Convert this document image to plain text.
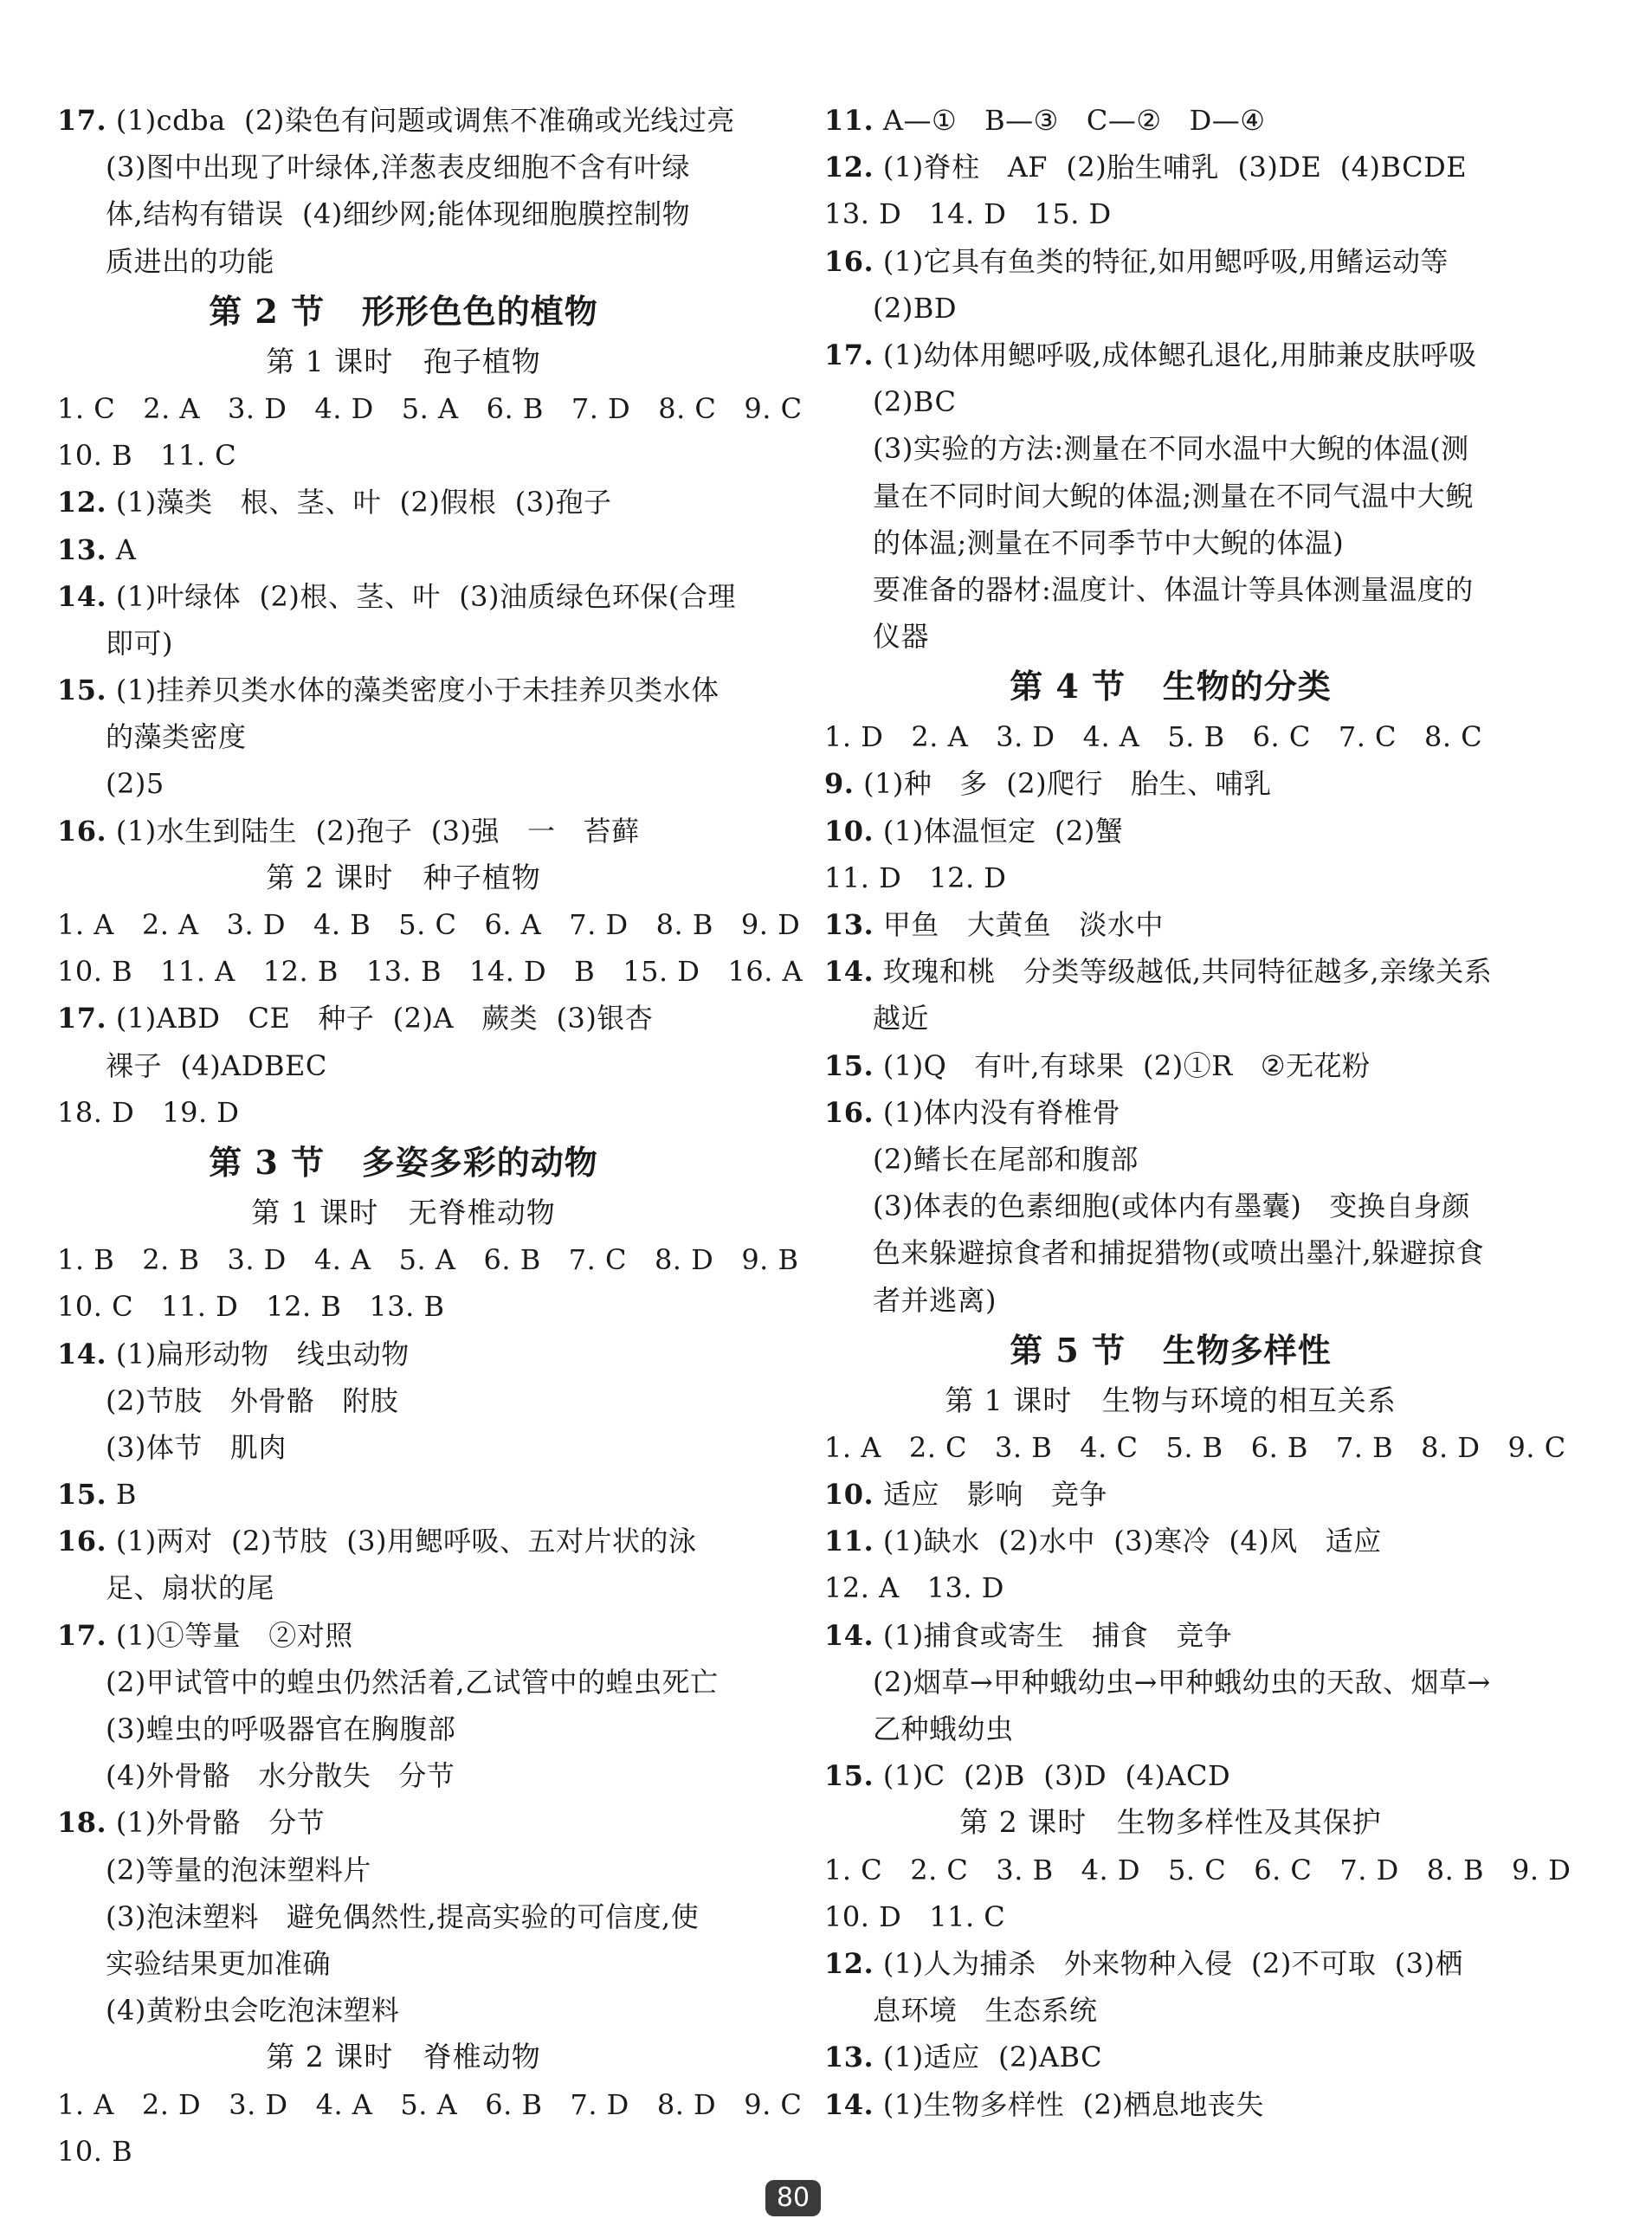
17. (1)cdba  (2)染色有问题或调焦不准确或光线过亮
(3)图中出现了叶绿体,洋葱表皮细胞不含有叶绿
体,结构有错误  (4)细纱网;能体现细胞膜控制物
质进出的功能
第 2 节   形形色色的植物
第 1 课时   孢子植物
1. C   2. A   3. D   4. D   5. A   6. B   7. D   8. C   9. C
10. B   11. C
12. (1)藻类   根、茎、叶  (2)假根  (3)孢子
13. A
14. (1)叶绿体  (2)根、茎、叶  (3)油质绿色环保(合理
即可)
15. (1)挂养贝类水体的藻类密度小于未挂养贝类水体
的藻类密度
(2)5
16. (1)水生到陆生  (2)孢子  (3)强   一   苔藓
第 2 课时   种子植物
1. A   2. A   3. D   4. B   5. C   6. A   7. D   8. B   9. D
10. B   11. A   12. B   13. B   14. D   B   15. D   16. A
17. (1)ABD   CE   种子  (2)A   蕨类  (3)银杏
裸子  (4)ADBEC
18. D   19. D
第 3 节   多姿多彩的动物
第 1 课时   无脊椎动物
1. B   2. B   3. D   4. A   5. A   6. B   7. C   8. D   9. B
10. C   11. D   12. B   13. B
14. (1)扁形动物   线虫动物
(2)节肢   外骨骼   附肢
(3)体节   肌肉
15. B
16. (1)两对  (2)节肢  (3)用鳃呼吸、五对片状的泳
足、扇状的尾
17. (1)①等量   ②对照
(2)甲试管中的蝗虫仍然活着,乙试管中的蝗虫死亡
(3)蝗虫的呼吸器官在胸腹部
(4)外骨骼   水分散失   分节
18. (1)外骨骼   分节
(2)等量的泡沫塑料片
(3)泡沫塑料   避免偶然性,提高实验的可信度,使
实验结果更加准确
(4)黄粉虫会吃泡沫塑料
第 2 课时   脊椎动物
1. A   2. D   3. D   4. A   5. A   6. B   7. D   8. D   9. C
10. B
11. A—①   B—③   C—②   D—④
12. (1)脊柱   AF  (2)胎生哺乳  (3)DE  (4)BCDE
13. D   14. D   15. D
16. (1)它具有鱼类的特征,如用鳃呼吸,用鳍运动等
(2)BD
17. (1)幼体用鳃呼吸,成体鳃孔退化,用肺兼皮肤呼吸
(2)BC
(3)实验的方法:测量在不同水温中大鲵的体温(测
量在不同时间大鲵的体温;测量在不同气温中大鲵
的体温;测量在不同季节中大鲵的体温)
要准备的器材:温度计、体温计等具体测量温度的
仪器
第 4 节   生物的分类
1. D   2. A   3. D   4. A   5. B   6. C   7. C   8. C
9. (1)种   多  (2)爬行   胎生、哺乳
10. (1)体温恒定  (2)蟹
11. D   12. D
13. 甲鱼   大黄鱼   淡水中
14. 玫瑰和桃   分类等级越低,共同特征越多,亲缘关系
越近
15. (1)Q   有叶,有球果  (2)①R   ②无花粉
16. (1)体内没有脊椎骨
(2)鳍长在尾部和腹部
(3)体表的色素细胞(或体内有墨囊)   变换自身颜
色来躲避掠食者和捕捉猎物(或喷出墨汁,躲避掠食
者并逃离)
第 5 节   生物多样性
第 1 课时   生物与环境的相互关系
1. A   2. C   3. B   4. C   5. B   6. B   7. B   8. D   9. C
10. 适应   影响   竞争
11. (1)缺水  (2)水中  (3)寒冷  (4)风   适应
12. A   13. D
14. (1)捕食或寄生   捕食   竞争
(2)烟草→甲种蛾幼虫→甲种蛾幼虫的天敌、烟草→
乙种蛾幼虫
15. (1)C  (2)B  (3)D  (4)ACD
第 2 课时   生物多样性及其保护
1. C   2. C   3. B   4. D   5. C   6. C   7. D   8. B   9. D
10. D   11. C
12. (1)人为捕杀   外来物种入侵  (2)不可取  (3)栖
息环境   生态系统
13. (1)适应  (2)ABC
14. (1)生物多样性  (2)栖息地丧失
80
